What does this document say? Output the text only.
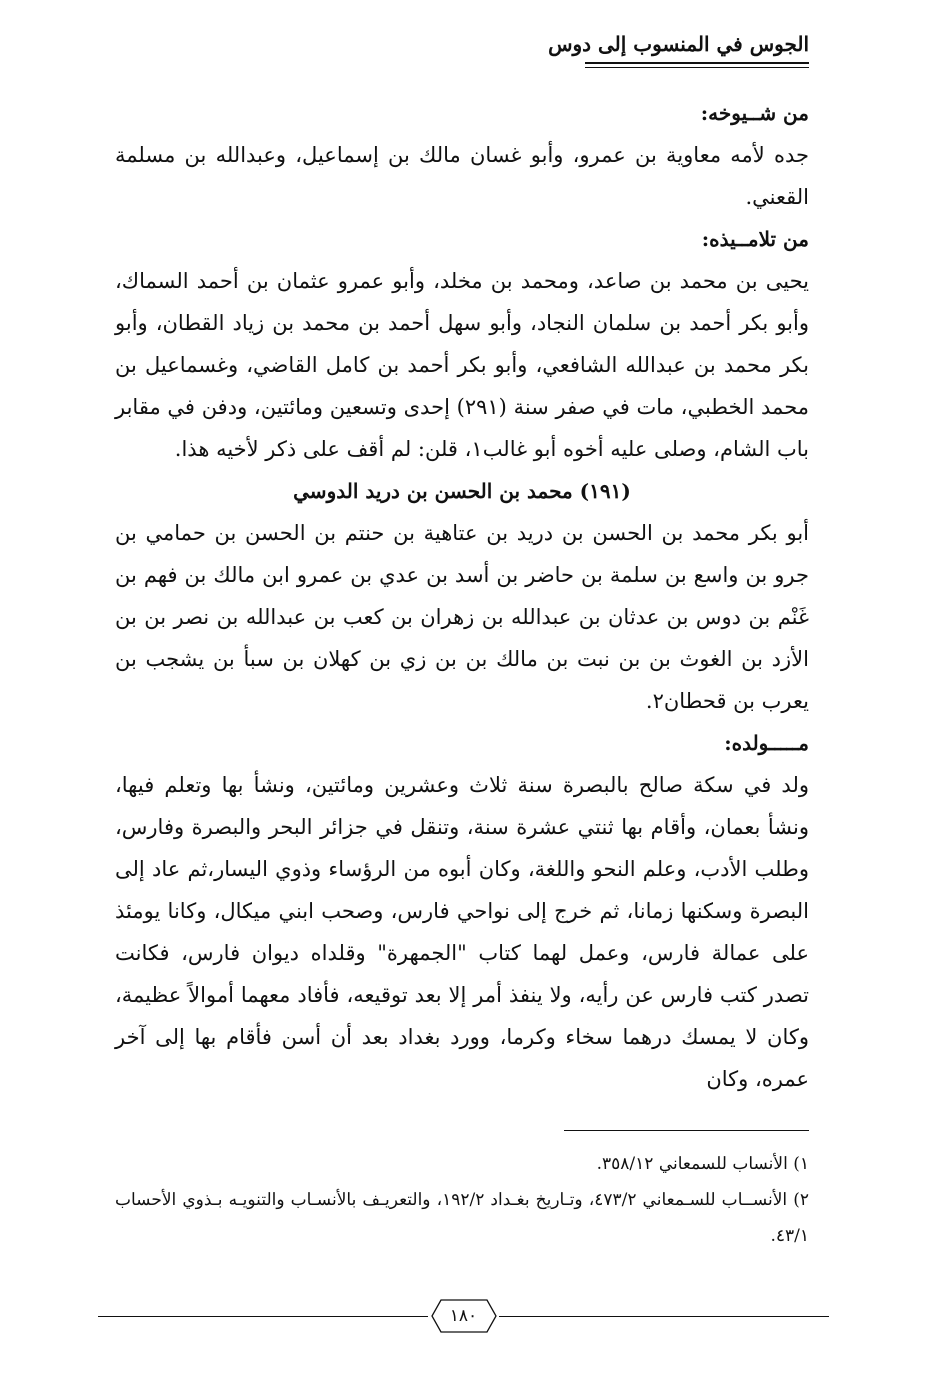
الجوس في المنسوب إلى دوس

من شــيوخه:

جده لأمه معاوية بن عمرو، وأبو غسان مالك بن إسماعيل، وعبدالله بن مسلمة القعني.

من تلامــيذه:

يحيى بن محمد بن صاعد، ومحمد بن مخلد، وأبو عمرو عثمان بن أحمد السماك، وأبو بكر أحمد بن سلمان النجاد، وأبو سهل أحمد بن محمد بن زياد القطان، وأبو بكر محمد بن عبدالله الشافعي، وأبو بكر أحمد بن كامل القاضي، وغسماعيل بن محمد الخطبي، مات في صفر سنة (٢٩١) إحدى وتسعين ومائتين، ودفن في مقابر باب الشام، وصلى عليه أخوه أبو غالب١، قلن: لم أقف على ذكر لأخيه هذا.

(١٩١) محمد بن الحسن بن دريد الدوسي

أبو بكر محمد بن الحسن بن دريد بن عتاهية بن حنتم بن الحسن بن حمامي بن جرو بن واسع بن سلمة بن حاضر بن أسد بن عدي بن عمرو ابن مالك بن فهم بن غَنْم بن دوس بن عدثان بن عبدالله بن زهران بن كعب بن عبدالله بن نصر بن بن الأزد بن الغوث بن بن نبت بن مالك بن بن زي بن كهلان بن سبأ بن يشجب بن يعرب بن قحطان٢.

مـــــولده:

ولد في سكة صالح بالبصرة سنة ثلاث وعشرين ومائتين، ونشأ بها وتعلم فيها، ونشأ بعمان، وأقام بها ثنتي عشرة سنة، وتنقل في جزائر البحر والبصرة وفارس، وطلب الأدب، وعلم النحو واللغة، وكان أبوه من الرؤساء وذوي اليسار،ثم عاد إلى البصرة وسكنها زمانا، ثم خرج إلى نواحي فارس، وصحب ابني ميكال، وكانا يومئذ على عمالة فارس، وعمل لهما كتاب "الجمهرة" وقلداه ديوان فارس، فكانت تصدر كتب فارس عن رأيه، ولا ينفذ أمر إلا بعد توقيعه، فأفاد معهما أموالاً عظيمة، وكان لا يمسك درهما سخاء وكرما، وورد بغداد بعد أن أسن فأقام بها إلى آخر عمره، وكان

١) الأنساب للسمعاني ٣٥٨/١٢.

٢) الأنســاب للسـمعاني ٤٧٣/٢، وتـاريخ بغـداد ١٩٢/٢، والتعريـف بالأنسـاب والتنويـه بـذوي الأحساب ٤٣/١.

١٨٠
